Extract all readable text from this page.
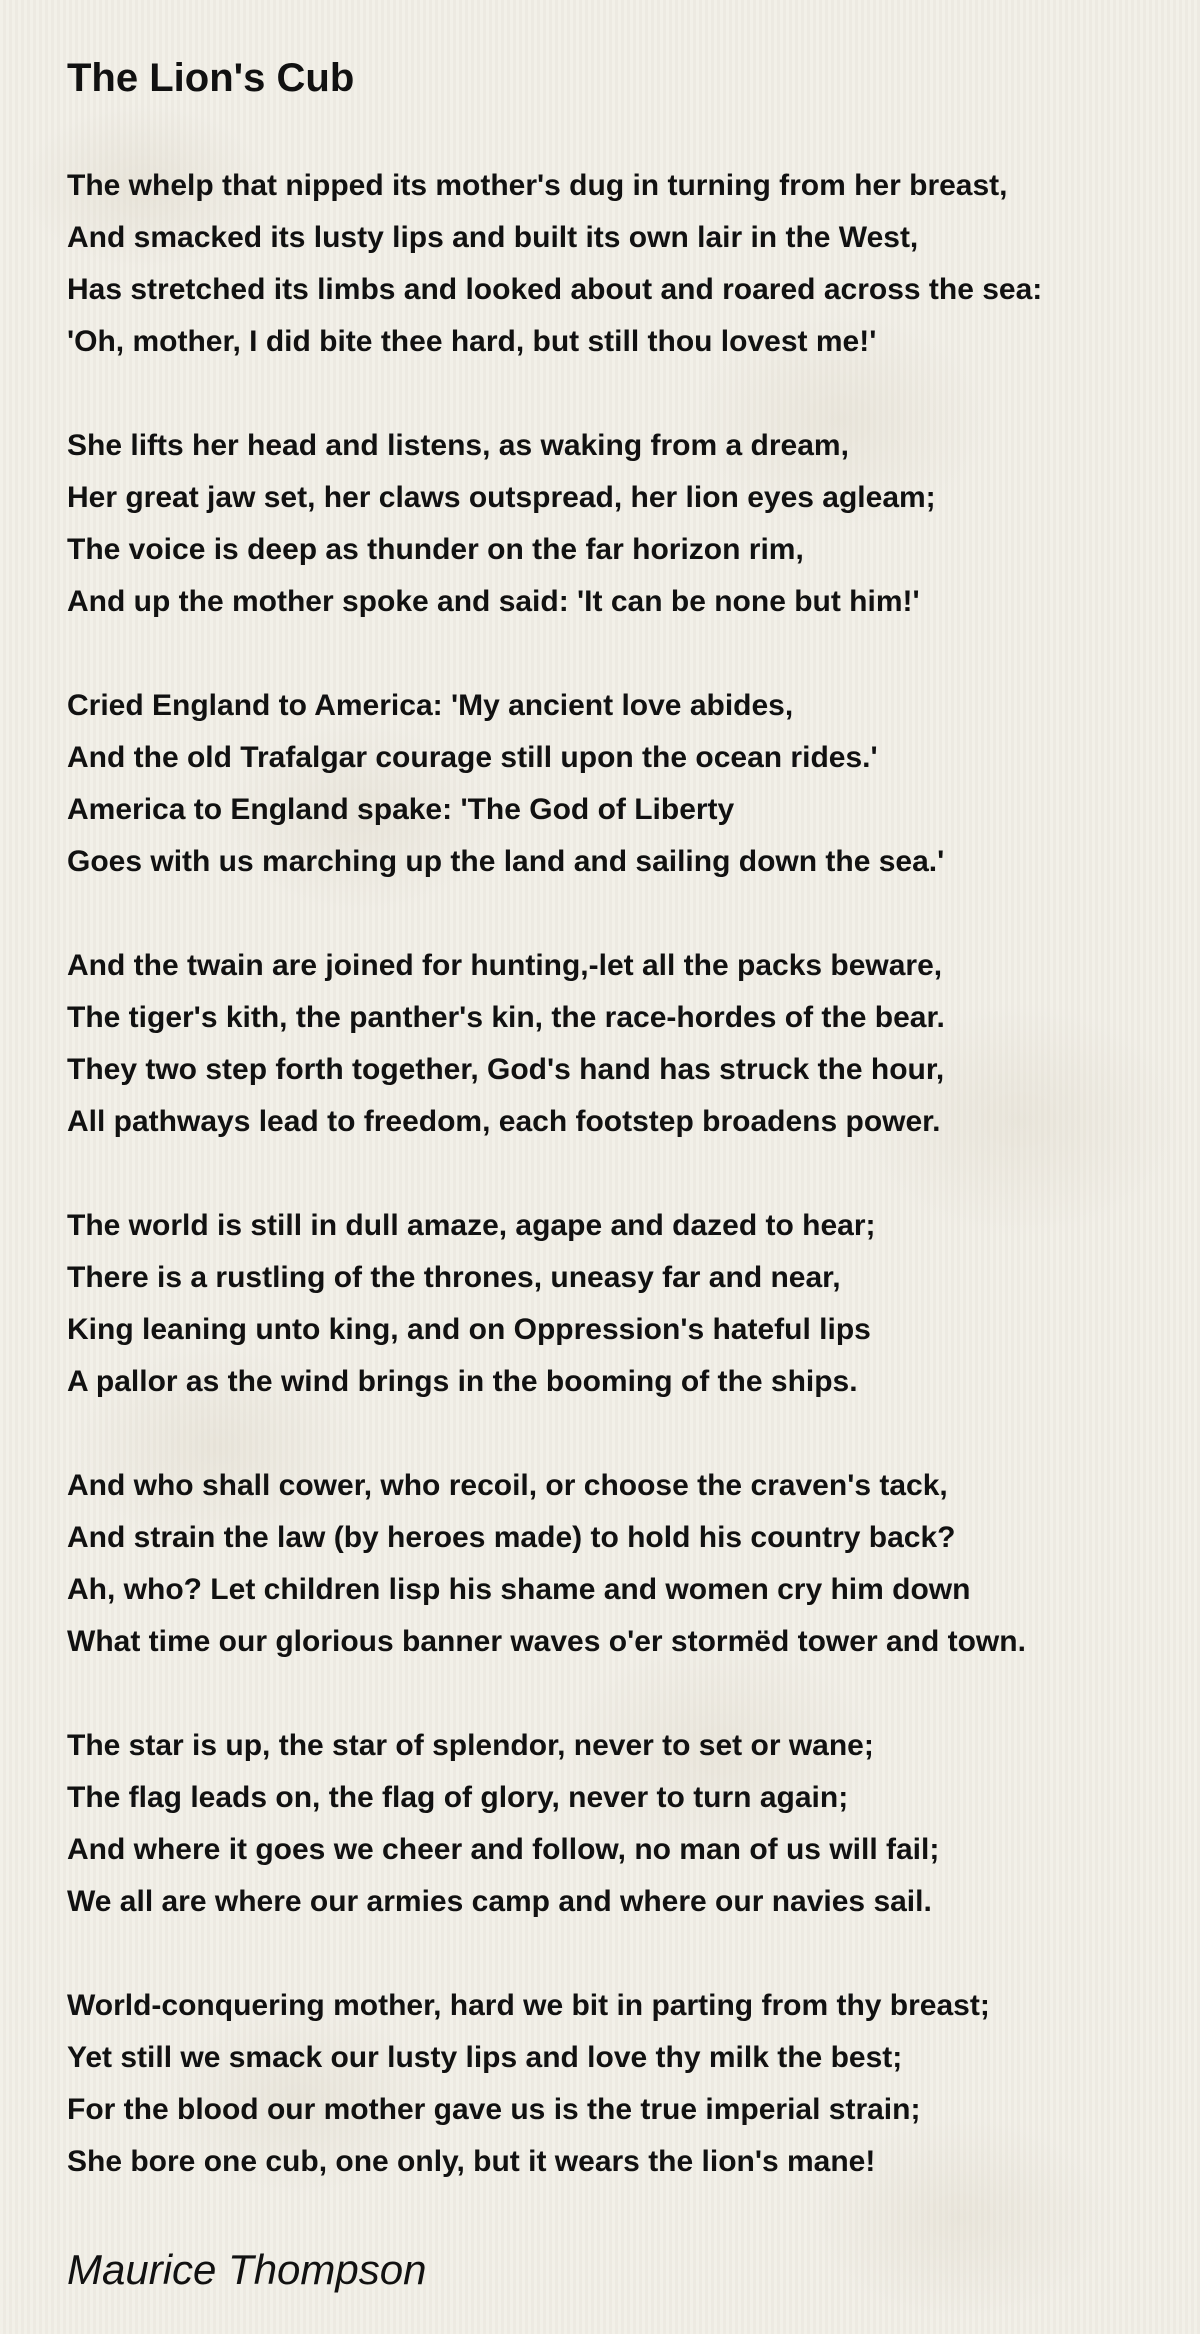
The Lion's Cub
The whelp that nipped its mother's dug in turning from her breast,
And smacked its lusty lips and built its own lair in the West,
Has stretched its limbs and looked about and roared across the sea:
'Oh, mother, I did bite thee hard, but still thou lovest me!'
She lifts her head and listens, as waking from a dream,
Her great jaw set, her claws outspread, her lion eyes agleam;
The voice is deep as thunder on the far horizon rim,
And up the mother spoke and said: 'It can be none but him!'
Cried England to America: 'My ancient love abides,
And the old Trafalgar courage still upon the ocean rides.'
America to England spake: 'The God of Liberty
Goes with us marching up the land and sailing down the sea.'
And the twain are joined for hunting,-let all the packs beware,
The tiger's kith, the panther's kin, the race-hordes of the bear.
They two step forth together, God's hand has struck the hour,
All pathways lead to freedom, each footstep broadens power.
The world is still in dull amaze, agape and dazed to hear;
There is a rustling of the thrones, uneasy far and near,
King leaning unto king, and on Oppression's hateful lips
A pallor as the wind brings in the booming of the ships.
And who shall cower, who recoil, or choose the craven's tack,
And strain the law (by heroes made) to hold his country back?
Ah, who? Let children lisp his shame and women cry him down
What time our glorious banner waves o'er stormëd tower and town.
The star is up, the star of splendor, never to set or wane;
The flag leads on, the flag of glory, never to turn again;
And where it goes we cheer and follow, no man of us will fail;
We all are where our armies camp and where our navies sail.
World-conquering mother, hard we bit in parting from thy breast;
Yet still we smack our lusty lips and love thy milk the best;
For the blood our mother gave us is the true imperial strain;
She bore one cub, one only, but it wears the lion's mane!
Maurice Thompson
